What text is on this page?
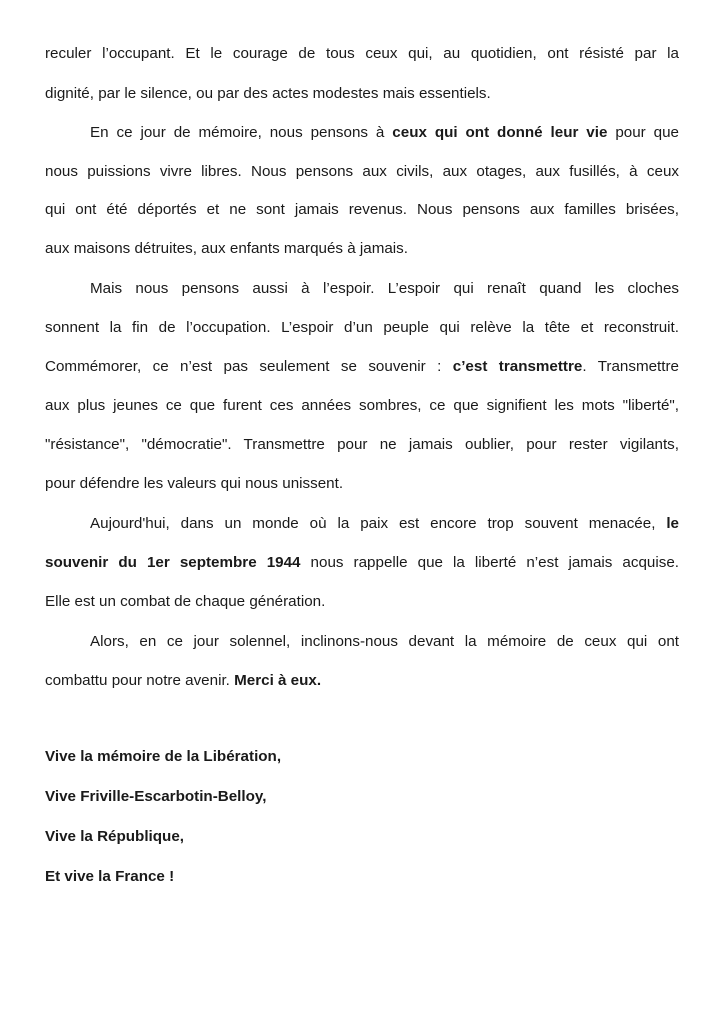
reculer l’occupant. Et le courage de tous ceux qui, au quotidien, ont résisté par la
dignité, par le silence, ou par des actes modestes mais essentiels.
En ce jour de mémoire, nous pensons à ceux qui ont donné leur vie pour que
nous puissions vivre libres. Nous pensons aux civils, aux otages, aux fusillés, à ceux
qui ont été déportés et ne sont jamais revenus. Nous pensons aux familles brisées,
aux maisons détruites, aux enfants marqués à jamais.
Mais nous pensons aussi à l’espoir. L’espoir qui renaît quand les cloches
sonnent la fin de l’occupation. L’espoir d’un peuple qui relève la tête et reconstruit.
Commémorer, ce n’est pas seulement se souvenir : c’est transmettre. Transmettre
aux plus jeunes ce que furent ces années sombres, ce que signifient les mots "liberté",
"résistance", "démocratie". Transmettre pour ne jamais oublier, pour rester vigilants,
pour défendre les valeurs qui nous unissent.
Aujourd'hui, dans un monde où la paix est encore trop souvent menacée, le
souvenir du 1er septembre 1944 nous rappelle que la liberté n’est jamais acquise.
Elle est un combat de chaque génération.
Alors, en ce jour solennel, inclinons-nous devant la mémoire de ceux qui ont
combattu pour notre avenir. Merci à eux.
Vive la mémoire de la Libération,
Vive Friville-Escarbotin-Belloy,
Vive la République,
Et vive la France !
